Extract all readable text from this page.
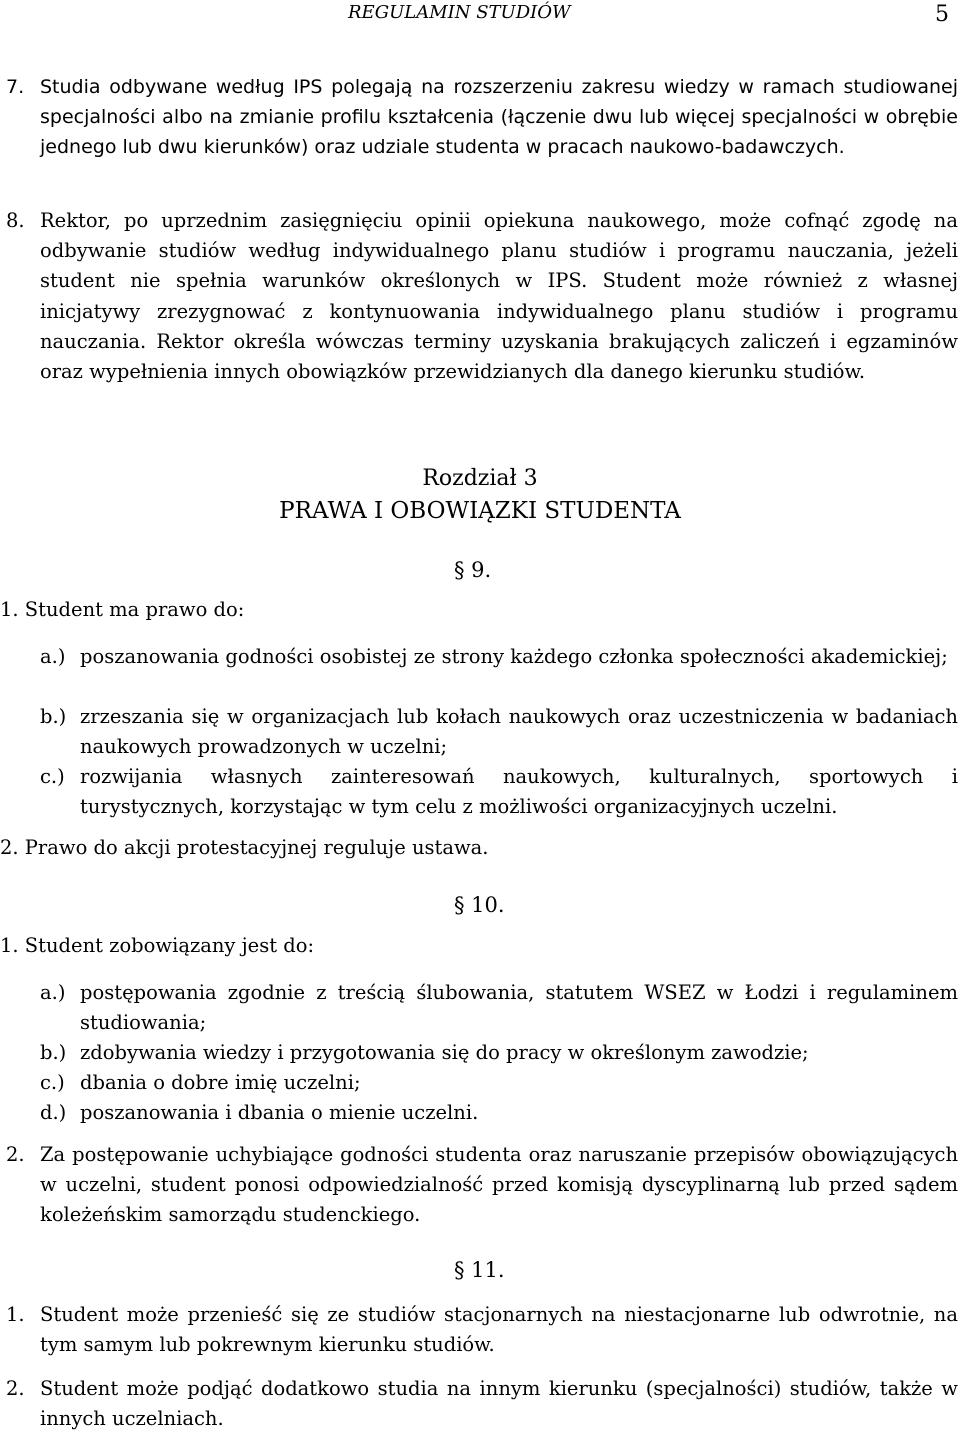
REGULAMIN STUDIÓW	5
7. Studia odbywane według IPS polegają na rozszerzeniu zakresu wiedzy w ramach studiowanej specjalności albo na zmianie profilu kształcenia (łączenie dwu lub więcej specjalności w obrębie jednego lub dwu kierunków) oraz udziale studenta w pracach naukowo-badawczych.
8. Rektor, po uprzednim zasięgnięciu opinii opiekuna naukowego, może cofnąć zgodę na odbywanie studiów według indywidualnego planu studiów i programu nauczania, jeżeli student nie spełnia warunków określonych w IPS. Student może również z własnej inicjatywy zrezygnować z kontynuowania indywidualnego planu studiów i programu nauczania. Rektor określa wówczas terminy uzyskania brakujących zaliczeń i egzaminów oraz wypełnienia innych obowiązków przewidzianych dla danego kierunku studiów.
Rozdział 3
PRAWA I OBOWIĄZKI STUDENTA
§ 9.
1. Student ma prawo do:
a.) poszanowania godności osobistej ze strony każdego członka społeczności akademickiej;
b.) zrzeszania się w organizacjach lub kołach naukowych oraz uczestniczenia w badaniach naukowych prowadzonych w uczelni;
c.) rozwijania własnych zainteresowań naukowych, kulturalnych, sportowych i turystycznych, korzystając w tym celu z możliwości organizacyjnych uczelni.
2. Prawo do akcji protestacyjnej reguluje ustawa.
§ 10.
1. Student zobowiązany jest do:
a.) postępowania zgodnie z treścią ślubowania, statutem WSEZ w Łodzi i regulaminem studiowania;
b.) zdobywania wiedzy i przygotowania się do pracy w określonym zawodzie;
c.) dbania o dobre imię uczelni;
d.) poszanowania i dbania o mienie uczelni.
2. Za postępowanie uchybiające godności studenta oraz naruszanie przepisów obowiązujących w uczelni, student ponosi odpowiedzialność przed komisją dyscyplinarną lub przed sądem koleżeńskim samorządu studenckiego.
§ 11.
1. Student może przenieść się ze studiów stacjonarnych na niestacjonarne lub odwrotnie, na tym samym lub pokrewnym kierunku studiów.
2. Student może podjąć dodatkowo studia na innym kierunku (specjalności) studiów, także w innych uczelniach.
